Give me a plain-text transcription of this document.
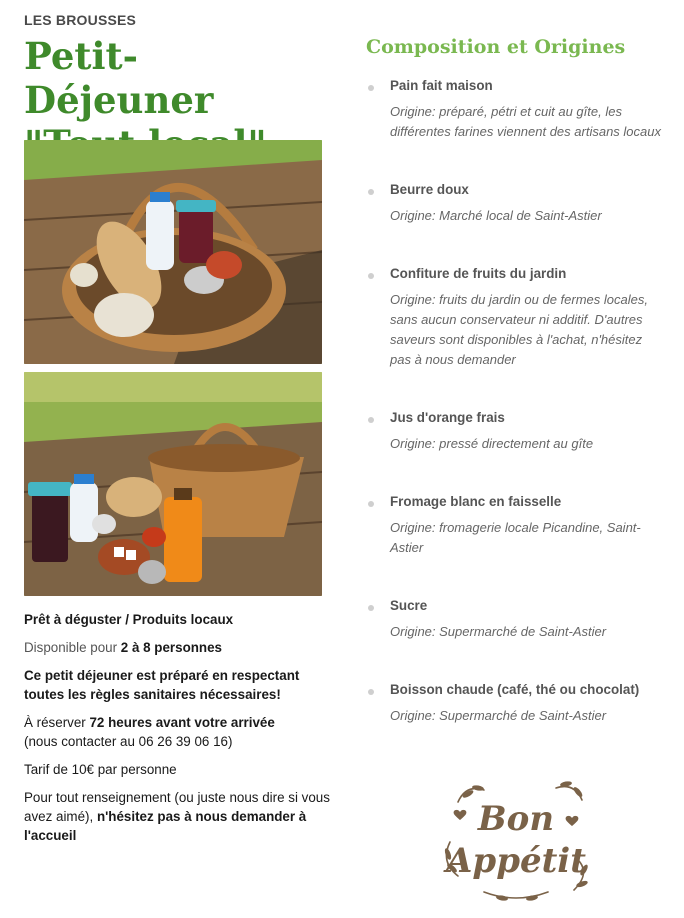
LES BROUSSES

Petit-Déjeuner

Prêt à déguster / Produits locaux

Disponible pour 2 à 8 personnes

Ce petit déjeuner est préparé en respectant toutes les règles sanitaires nécessaires!

À réserver 72 heures avant votre arrivée
(nous contacter au 06 26 39 06 16)

Tarif de 10€ par personne

Pour tout renseignement (ou juste nous dire si vous avez aimé), n'hésitez pas à nous demander à l'accueil

Composition et Origines

Pain fait maison

Origine: préparé, pétri et cuit au gîte, les différentes farines viennent des artisans locaux

Beurre doux

Origine: Marché local de Saint-Astier

Confiture de fruits du jardin

Origine: fruits du jardin ou de fermes locales, sans aucun conservateur ni additif. D'autres saveurs sont disponibles à l'achat, n'hésitez pas à nous demander

Jus d'orange frais

Origine: pressé directement au gîte

Fromage blanc en faisselle

Origine: fromagerie locale Picandine, Saint-Astier

Sucre

Origine: Supermarché de Saint-Astier

Boisson chaude (café, thé ou chocolat)

Origine: Supermarché de Saint-Astier

Bon
Appétit
